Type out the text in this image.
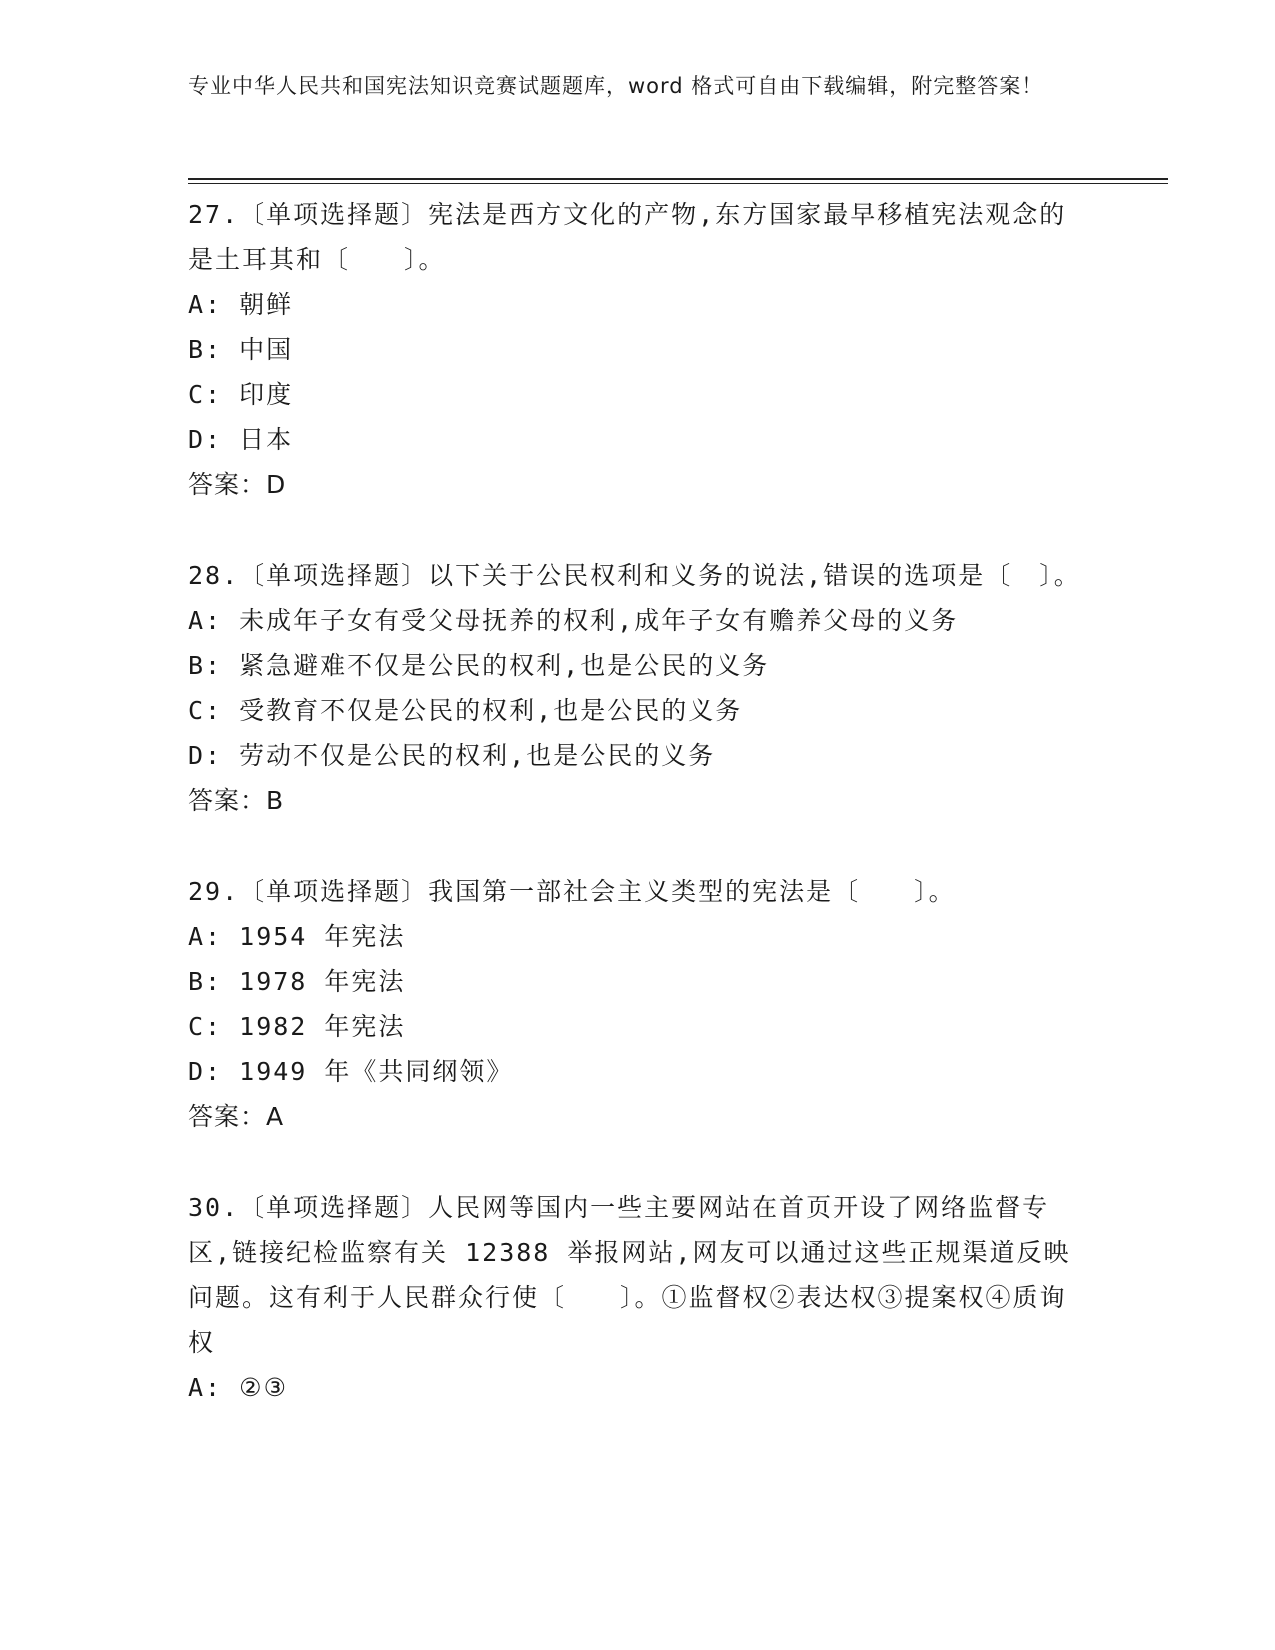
专业中华人民共和国宪法知识竞赛试题题库，word 格式可自由下载编辑，附完整答案！
27.〔单项选择题〕宪法是西方文化的产物,东方国家最早移植宪法观念的是土耳其和〔　　〕。
A: 朝鲜
B: 中国
C: 印度
D: 日本
答案：D
28.〔单项选择题〕以下关于公民权利和义务的说法,错误的选项是〔　〕。
A: 未成年子女有受父母抚养的权利,成年子女有赡养父母的义务
B: 紧急避难不仅是公民的权利,也是公民的义务
C: 受教育不仅是公民的权利,也是公民的义务
D: 劳动不仅是公民的权利,也是公民的义务
答案：B
29.〔单项选择题〕我国第一部社会主义类型的宪法是〔　　〕。
A: 1954 年宪法
B: 1978 年宪法
C: 1982 年宪法
D: 1949 年《共同纲领》
答案：A
30.〔单项选择题〕人民网等国内一些主要网站在首页开设了网络监督专区,链接纪检监察有关 12388 举报网站,网友可以通过这些正规渠道反映问题。这有利于人民群众行使〔　　〕。①监督权②表达权③提案权④质询权
A: ②③
